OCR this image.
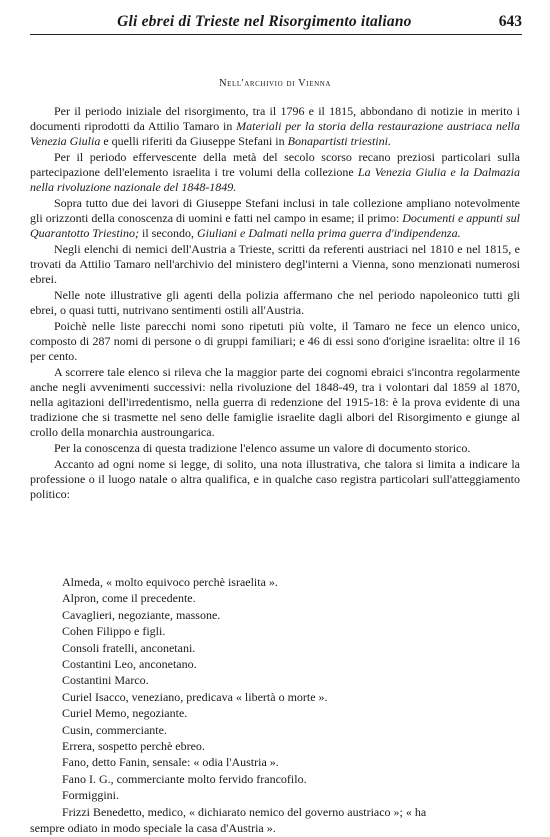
Gli ebrei di Trieste nel Risorgimento italiano	643
Nell'archivio di Vienna

Per il periodo iniziale del risorgimento, tra il 1796 e il 1815, abbondano di notizie in merito i documenti riprodotti da Attilio Tamaro in Materiali per la storia della restaurazione austriaca nella Venezia Giulia e quelli riferiti da Giuseppe Stefani in Bonapartisti triestini.

Per il periodo effervescente della metà del secolo scorso recano preziosi particolari sulla partecipazione dell'elemento israelita i tre volumi della collezione La Venezia Giulia e la Dalmazia nella rivoluzione nazionale del 1848-1849.

Sopra tutto due dei lavori di Giuseppe Stefani inclusi in tale collezione ampliano notevolmente gli orizzonti della conoscenza di uomini e fatti nel campo in esame; il primo: Documenti e appunti sul Quarantotto Triestino; il secondo, Giuliani e Dalmati nella prima guerra d'indipendenza.

Negli elenchi di nemici dell'Austria a Trieste, scritti da referenti austriaci nel 1810 e nel 1815, e trovati da Attilio Tamaro nell'archivio del ministero degl'interni a Vienna, sono menzionati numerosi ebrei.

Nelle note illustrative gli agenti della polizia affermano che nel periodo napoleonico tutti gli ebrei, o quasi tutti, nutrivano sentimenti ostili all'Austria.

Poichè nelle liste parecchi nomi sono ripetuti più volte, il Tamaro ne fece un elenco unico, composto di 287 nomi di persone o di gruppi familiari; e 46 di essi sono d'origine israelita: oltre il 16 per cento.

A scorrere tale elenco si rileva che la maggior parte dei cognomi ebraici s'incontra regolarmente anche negli avvenimenti successivi: nella rivoluzione del 1848-49, tra i volontari dal 1859 al 1870, nella agitazioni dell'irredentismo, nella guerra di redenzione del 1915-18: è la prova evidente di una tradizione che si trasmette nel seno delle famiglie israelite dagli albori del Risorgimento e giunge al crollo della monarchia austroungarica.

Per la conoscenza di questa tradizione l'elenco assume un valore di documento storico.

Accanto ad ogni nome si legge, di solito, una nota illustrativa, che talora si limita a indicare la professione o il luogo natale o altra qualifica, e in qualche caso registra particolari sull'atteggiamento politico:

Almeda, « molto equivoco perchè israelita ».
Alpron, come il precedente.
Cavaglieri, negoziante, massone.
Cohen Filippo e figli.
Consoli fratelli, anconetani.
Costantini Leo, anconetano.
Costantini Marco.
Curiel Isacco, veneziano, predicava « libertà o morte ».
Curiel Memo, negoziante.
Cusin, commerciante.
Errera, sospetto perchè ebreo.
Fano, detto Fanin, sensale: « odia l'Austria ».
Fano I. G., commerciante molto fervido francofilo.
Formiggini.
Frizzi Benedetto, medico, « dichiarato nemico del governo austriaco »; « ha
sempre odiato in modo speciale la casa d'Austria ».
